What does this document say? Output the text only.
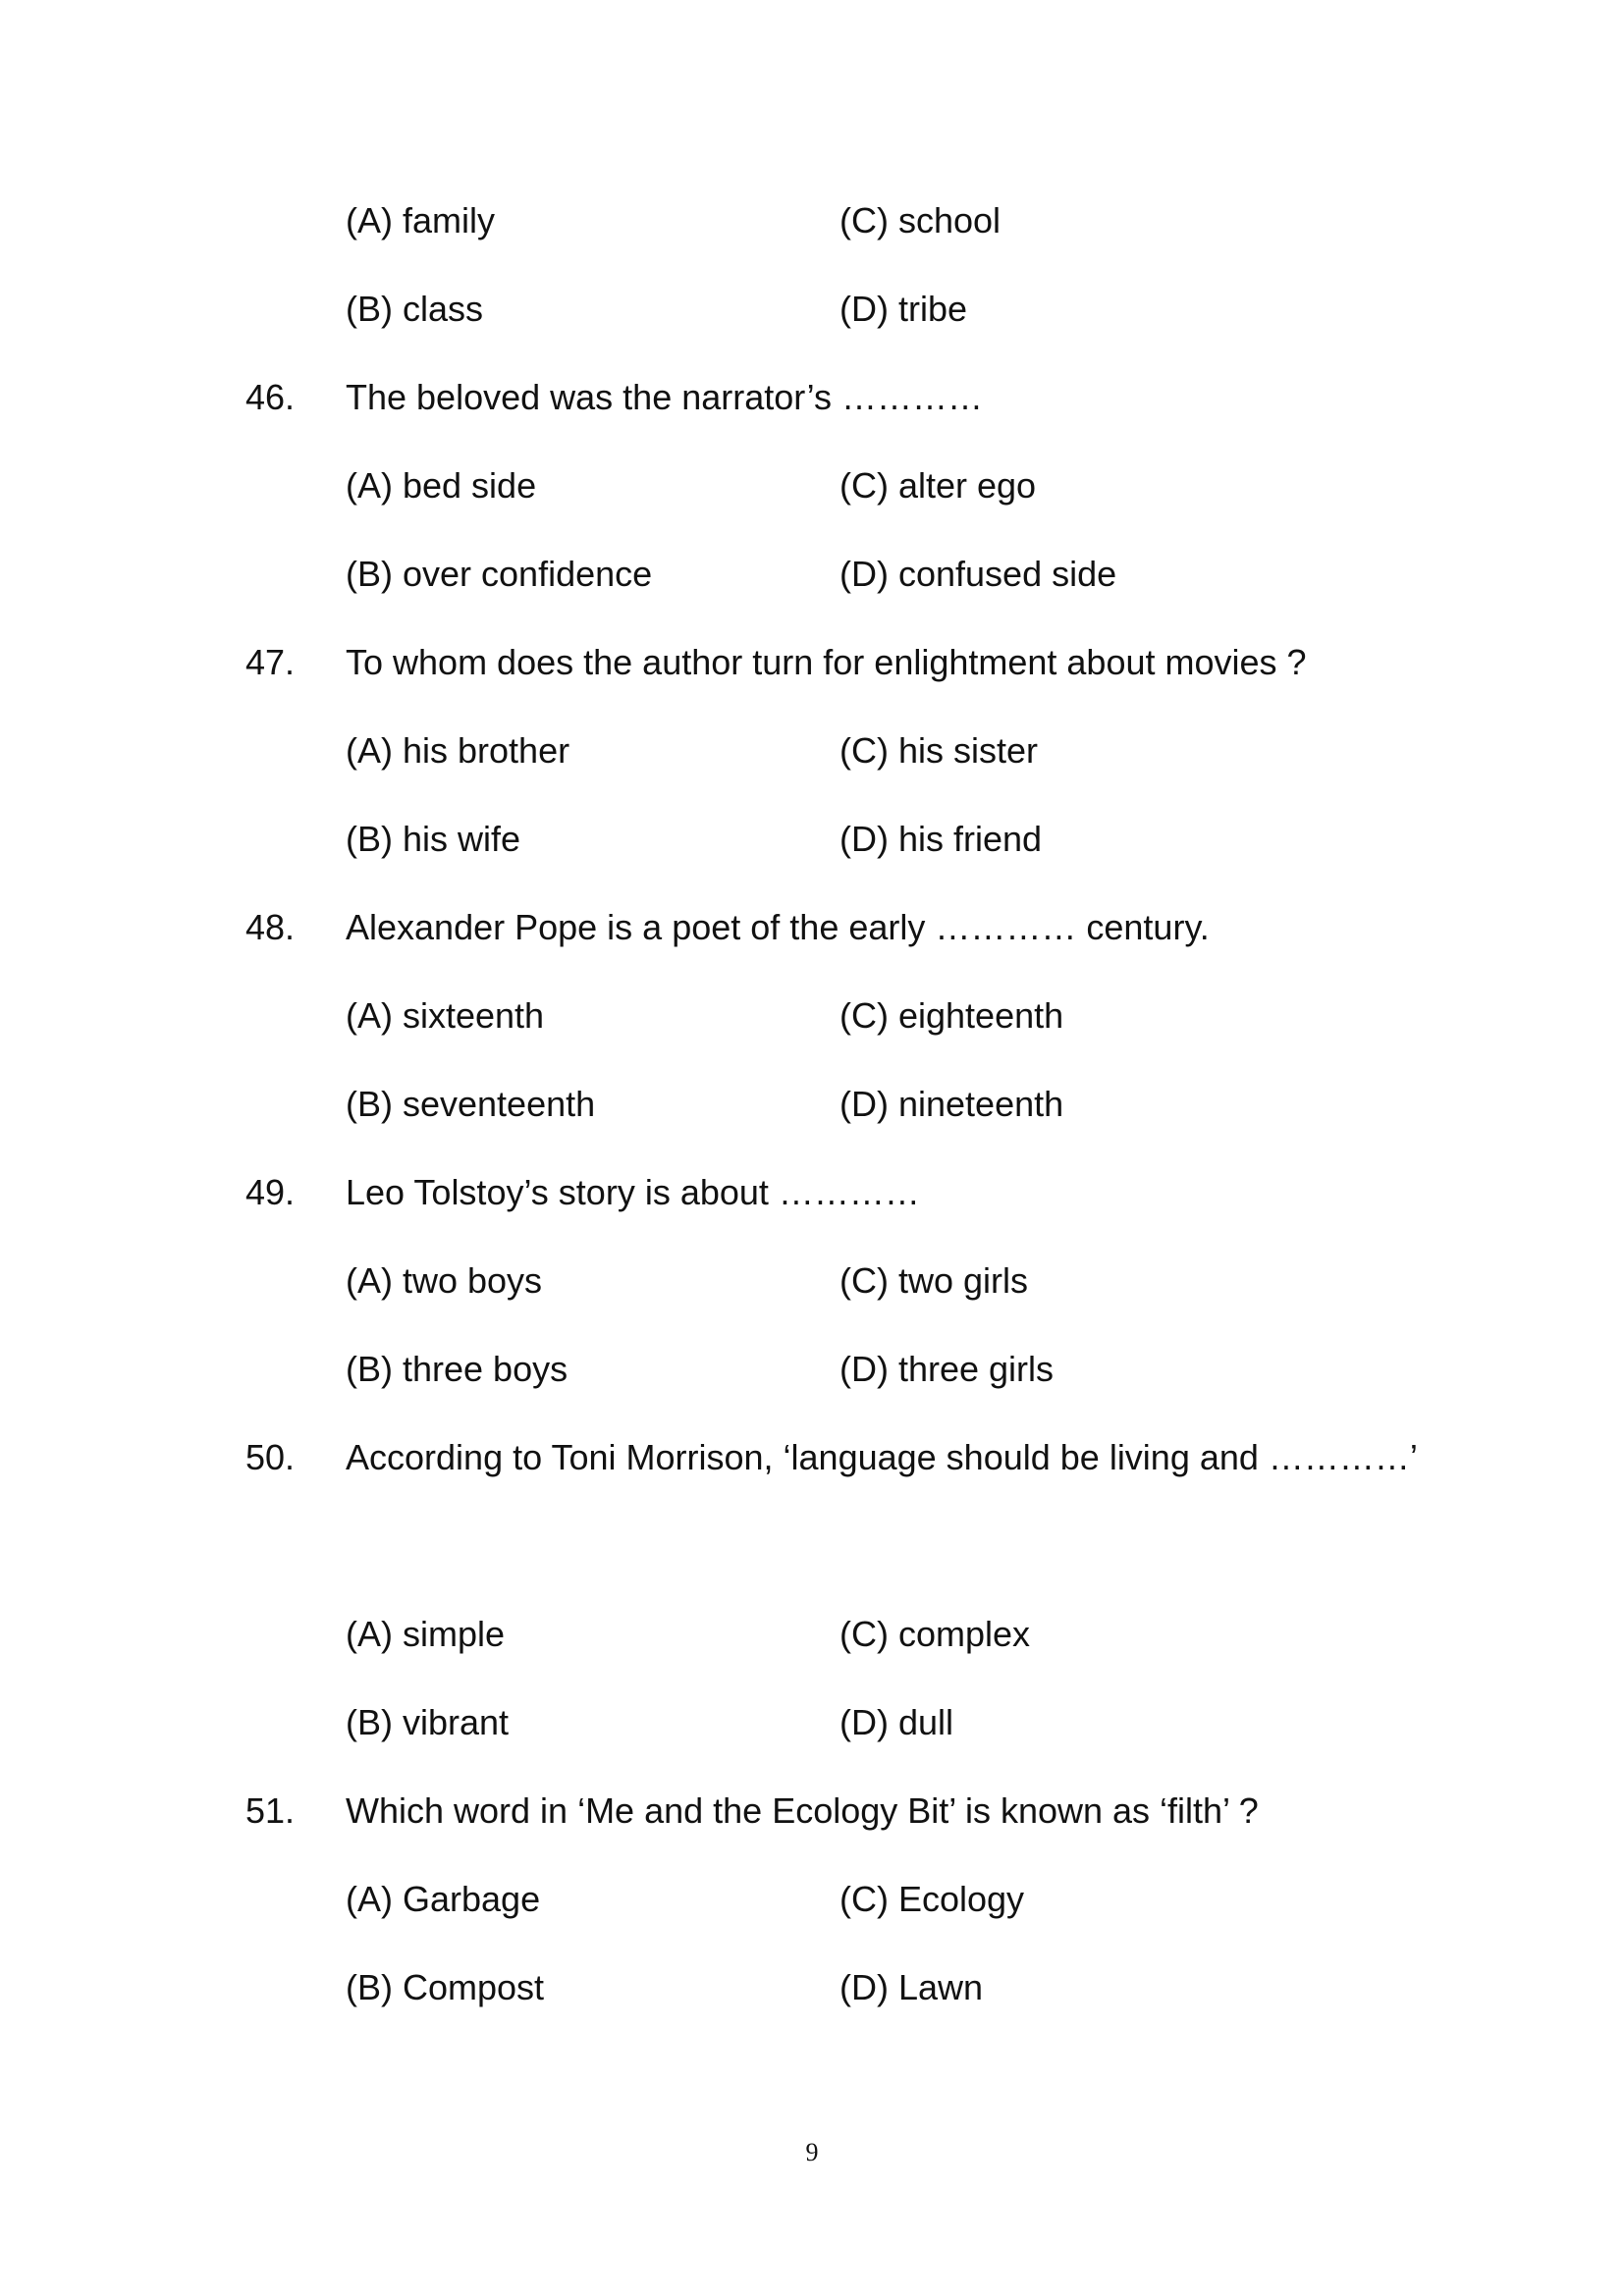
(A) family	(C) school
(B) class	(D) tribe
46. The beloved was the narrator’s …………
(A) bed side	(C) alter ego
(B) over confidence	(D) confused side
47. To whom does the author turn for enlightment about movies ?
(A) his brother	(C) his sister
(B) his wife	(D) his friend
48. Alexander Pope is a poet of the early ………… century.
(A) sixteenth	(C) eighteenth
(B) seventeenth	(D) nineteenth
49. Leo Tolstoy’s story is about …………
(A) two boys	(C) two girls
(B) three boys	(D) three girls
50. According to Toni Morrison, ‘language should be living and …………’
(A) simple	(C) complex
(B) vibrant	(D) dull
51. Which word in ‘Me and the Ecology Bit’ is known as ‘filth’ ?
(A) Garbage	(C) Ecology
(B) Compost	(D) Lawn
9
